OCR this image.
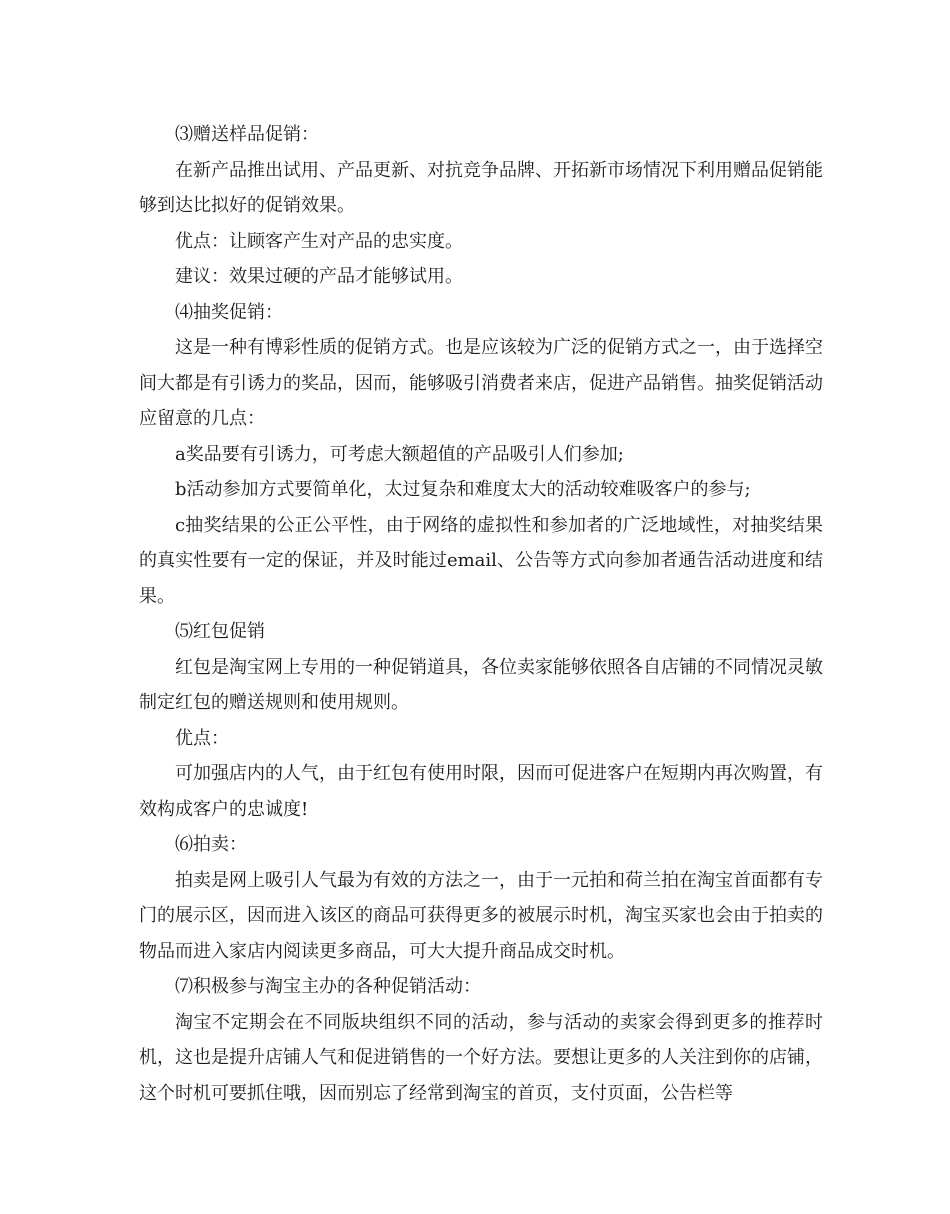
⑶赠送样品促销：

在新产品推出试用、产品更新、对抗竞争品牌、开拓新市场情况下利用赠品促销能够到达比拟好的促销效果。

优点：让顾客产生对产品的忠实度。

建议：效果过硬的产品才能够试用。

⑷抽奖促销：

这是一种有博彩性质的促销方式。也是应该较为广泛的促销方式之一，由于选择空间大都是有引诱力的奖品，因而，能够吸引消费者来店，促进产品销售。抽奖促销活动应留意的几点：

a奖品要有引诱力，可考虑大额超值的产品吸引人们参加;

b活动参加方式要简单化，太过复杂和难度太大的活动较难吸客户的参与;

c抽奖结果的公正公平性，由于网络的虚拟性和参加者的广泛地域性，对抽奖结果的真实性要有一定的保证，并及时能过email、公告等方式向参加者通告活动进度和结果。

⑸红包促销

红包是淘宝网上专用的一种促销道具，各位卖家能够依照各自店铺的不同情况灵敏制定红包的赠送规则和使用规则。

优点：

可加强店内的人气，由于红包有使用时限，因而可促进客户在短期内再次购置，有效构成客户的忠诚度!

⑹拍卖：

拍卖是网上吸引人气最为有效的方法之一，由于一元拍和荷兰拍在淘宝首面都有专门的展示区，因而进入该区的商品可获得更多的被展示时机，淘宝买家也会由于拍卖的物品而进入家店内阅读更多商品，可大大提升商品成交时机。

⑺积极参与淘宝主办的各种促销活动：

淘宝不定期会在不同版块组织不同的活动，参与活动的卖家会得到更多的推荐时机，这也是提升店铺人气和促进销售的一个好方法。要想让更多的人关注到你的店铺，这个时机可要抓住哦，因而别忘了经常到淘宝的首页，支付页面，公告栏等
